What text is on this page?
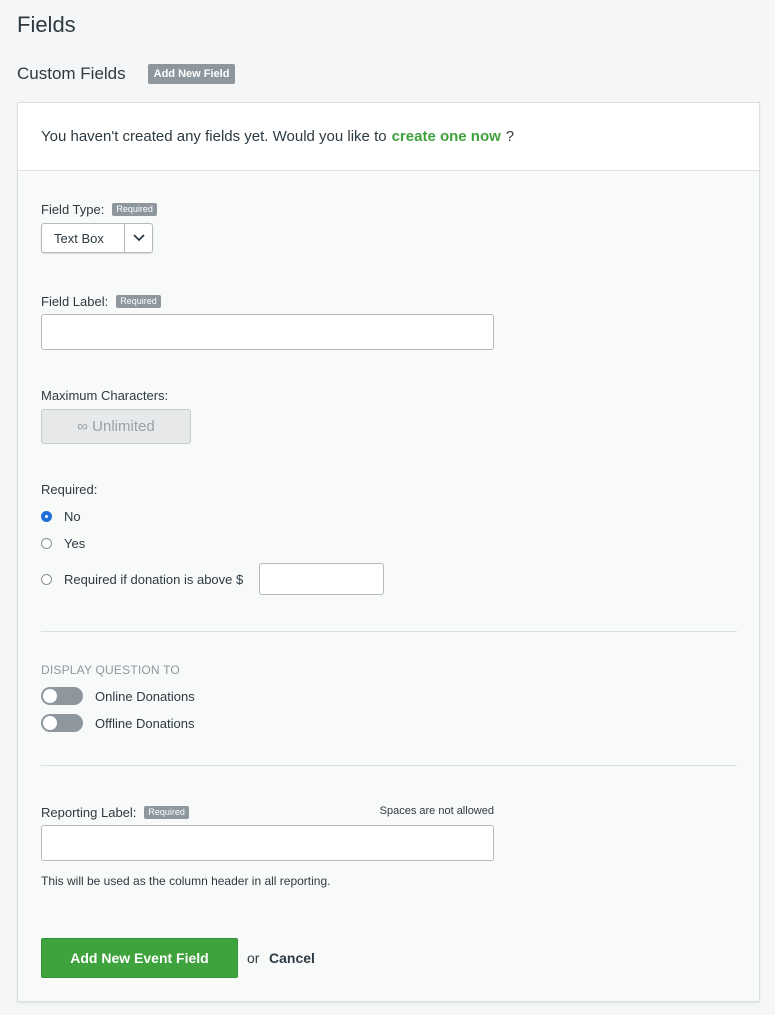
Fields
Custom Fields	Add New Field
You haven't created any fields yet. Would you like to create one now ?
Field Type:	Required
Text Box
Field Label:	Required
Maximum Characters:
∞ Unlimited
Required:
No
Yes
Required if donation is above $
DISPLAY QUESTION TO
Online Donations
Offline Donations
Reporting Label:	Required	Spaces are not allowed
This will be used as the column header in all reporting.
Add New Event Field	or Cancel
